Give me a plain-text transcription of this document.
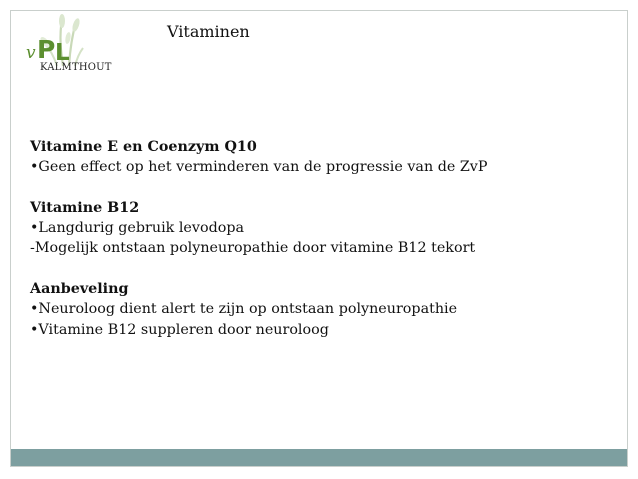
v P L
KALMTHOUT
Vitaminen

Vitamine E en Coenzym Q10

•Geen effect op het verminderen van de progressie van de ZvP

Vitamine B12

•Langdurig gebruik levodopa

-Mogelijk ontstaan polyneuropathie door vitamine B12 tekort

Aanbeveling

•Neuroloog dient alert te zijn op ontstaan polyneuropathie

•Vitamine B12 suppleren door neuroloog
